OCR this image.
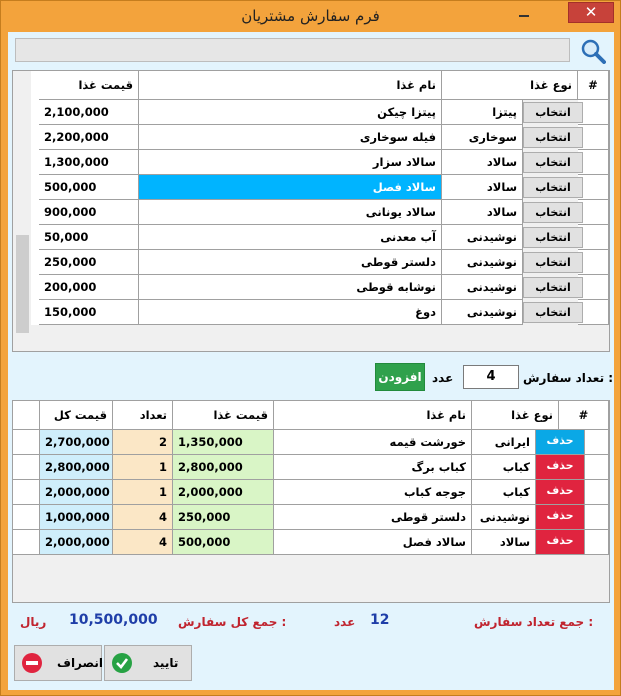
فرم سفارش مشتریان	✕
#
نوع غذا
نام غذا
قیمت غذا
انتخاب
پیتزا
پیتزا چیکن
2,100,000
انتخاب
سوخاری
فیله سوخاری
2,200,000
انتخاب
سالاد
سالاد سزار
1,300,000
انتخاب
سالاد
سالاد فصل
500,000
انتخاب
سالاد
سالاد یونانی
900,000
انتخاب
نوشیدنی
آب معدنی
50,000
انتخاب
نوشیدنی
دلستر قوطی
250,000
انتخاب
نوشیدنی
نوشابه قوطی
200,000
انتخاب
نوشیدنی
دوغ
150,000
تعداد سفارش :
4
عدد
افزودن
#
نوع غذا
نام غذا
قیمت غذا
تعداد
قیمت کل
حذف
ایرانی
خورشت قیمه
1,350,000
2
2,700,000
حذف
کباب
کباب برگ
2,800,000
1
2,800,000
حذف
کباب
جوجه کباب
2,000,000
1
2,000,000
حذف
نوشیدنی
دلستر قوطی
250,000
4
1,000,000
حذف
سالاد
سالاد فصل
500,000
4
2,000,000
جمع تعداد سفارش :
12
عدد
جمع کل سفارش :
10,500,000
ریال
تایید
انصراف
